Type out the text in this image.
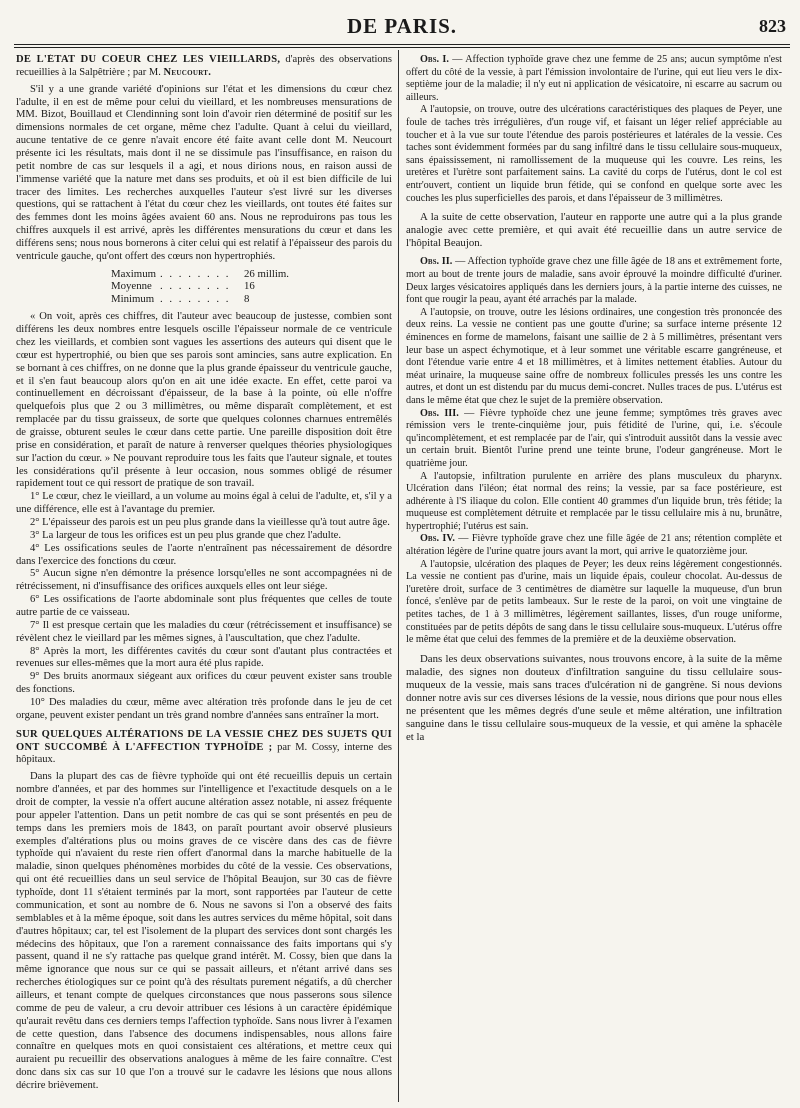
DE PARIS.	823

DE L'ÉTAT DU COEUR CHEZ LES VIEILLARDS, d'après des observations recueillies à la Salpêtrière ; par M. Neucourt.

S'il y a une grande variété d'opinions sur l'état et les dimensions du cœur chez l'adulte, il en est de même pour celui du vieillard, et les nombreuses mensurations de MM. Bizot, Bouillaud et Clendinning sont loin d'avoir rien déterminé de positif sur les dimensions normales de cet organe, même chez l'adulte. Quant à celui du vieillard, aucune tentative de ce genre n'avait encore été faite avant celle dont M. Neucourt présente ici les résultats, mais dont il ne se dissimule pas l'insuffisance, en raison du petit nombre de cas sur lesquels il a agi, et nous dirions nous, en raison aussi de l'immense variété que la nature met dans ses produits, et où il est bien difficile de lui tracer des limites. Les recherches auxquelles l'auteur s'est livré sur les diverses questions, qui se rattachent à l'état du cœur chez les vieillards, ont toutes été faites sur des femmes dont les moins âgées avaient 60 ans. Nous ne reproduirons pas tous les chiffres auxquels il est arrivé, après les différentes mensurations du cœur et dans les différens sens; nous nous bornerons à citer celui qui est relatif à l'épaisseur des parois du ventricule gauche, qu'ont offert des cœurs non hypertrophiés.

Maximum	. . . . . . . .	26 millim.
Moyenne	. . . . . . . .	16
Minimum	. . . . . . . .	8

« On voit, après ces chiffres, dit l'auteur avec beaucoup de justesse, combien sont différens les deux nombres entre lesquels oscille l'épaisseur normale de ce ventricule chez les vieillards, et combien sont vagues les assertions des auteurs qui disent que le cœur est hypertrophié, ou bien que ses parois sont amincies, sans autre explication. En se bornant à ces chiffres, on ne donne que la plus grande épaisseur du ventricule gauche, et il s'en faut beaucoup alors qu'on en ait une idée exacte. En effet, cette paroi va continuellement en décroissant d'épaisseur, de la base à la pointe, où elle n'offre quelquefois plus que 2 ou 3 millimètres, ou même disparaît complètement, et est remplacée par du tissu graisseux, de sorte que quelques colonnes charnues entremêlés de graisse, obturent seules le cœur dans cette partie. Une pareille disposition doit être prise en considération, et paraît de nature à renverser quelques théories physiologiques sur l'action du cœur. » Ne pouvant reproduire tous les faits que l'auteur signale, et toutes les considérations qu'il présente à leur occasion, nous sommes obligé de résumer rapidement tout ce qui ressort de pratique de son travail.

1° Le cœur, chez le vieillard, a un volume au moins égal à celui de l'adulte, et, s'il y a une différence, elle est à l'avantage du premier.

2° L'épaisseur des parois est un peu plus grande dans la vieillesse qu'à tout autre âge.

3° La largeur de tous les orifices est un peu plus grande que chez l'adulte.

4° Les ossifications seules de l'aorte n'entraînent pas nécessairement de désordre dans l'exercice des fonctions du cœur.

5° Aucun signe n'en démontre la présence lorsqu'elles ne sont accompagnées ni de rétrécissement, ni d'insuffisance des orifices auxquels elles ont leur siége.

6° Les ossifications de l'aorte abdominale sont plus fréquentes que celles de toute autre partie de ce vaisseau.

7° Il est presque certain que les maladies du cœur (rétrécissement et insuffisance) se révèlent chez le vieillard par les mêmes signes, à l'auscultation, que chez l'adulte.

8° Après la mort, les différentes cavités du cœur sont d'autant plus contractées et revenues sur elles-mêmes que la mort aura été plus rapide.

9° Des bruits anormaux siégeant aux orifices du cœur peuvent exister sans trouble des fonctions.

10° Des maladies du cœur, même avec altération très profonde dans le jeu de cet organe, peuvent exister pendant un très grand nombre d'années sans entraîner la mort.

SUR QUELQUES ALTÉRATIONS DE LA VESSIE CHEZ DES SUJETS QUI ONT SUCCOMBÉ À L'AFFECTION TYPHOÏDE ; par M. Cossy, interne des hôpitaux.

Dans la plupart des cas de fièvre typhoïde qui ont été recueillis depuis un certain nombre d'années, et par des hommes sur l'intelligence et l'exactitude desquels on a le droit de compter, la vessie n'a offert aucune altération assez notable, ni assez fréquente pour appeler l'attention. Dans un petit nombre de cas qui se sont présentés en peu de temps dans les premiers mois de 1843, on paraît pourtant avoir observé plusieurs exemples d'altérations plus ou moins graves de ce viscère dans des cas de fièvre typhoïde qui n'avaient du reste rien offert d'anormal dans la marche habituelle de la maladie, sinon quelques phénomènes morbides du côté de la vessie. Ces observations, qui ont été recueillies dans un seul service de l'hôpital Beaujon, sur 30 cas de fièvre typhoïde, dont 11 s'étaient terminés par la mort, sont rapportées par l'auteur de cette communication, et sont au nombre de 6. Nous ne savons si l'on a observé des faits semblables et à la même époque, soit dans les autres services du même hôpital, soit dans d'autres hôpitaux; car, tel est l'isolement de la plupart des services dont sont chargés les médecins des hôpitaux, que l'on a rarement connaissance des faits importans qui s'y passent, quand il ne s'y rattache pas quelque grand intérêt. M. Cossy, bien que dans la même ignorance que nous sur ce qui se passait ailleurs, et n'étant arrivé dans ses recherches étiologiques sur ce point qu'à des résultats purement négatifs, a dû chercher ailleurs, et tenant compte de quelques circonstances que nous passerons sous silence comme de peu de valeur, a cru devoir attribuer ces lésions à un caractère épidémique qu'aurait revêtu dans ces derniers temps l'affection typhoïde. Sans nous livrer à l'examen de cette question, dans l'absence des documens indispensables, nous allons faire connaître en quelques mots en quoi consistaient ces altérations, et mettre ceux qui auraient pu recueillir des observations analogues à même de les faire connaître. C'est donc dans six cas sur 10 que l'on a trouvé sur le cadavre les lésions que nous allons décrire brièvement.

Obs. I. — Affection typhoïde grave chez une femme de 25 ans; aucun symptôme n'est offert du côté de la vessie, à part l'émission involontaire de l'urine, qui eut lieu vers le dix-septième jour de la maladie; il n'y eut ni application de vésicatoire, ni escarre au sacrum ou ailleurs.

A l'autopsie, on trouve, outre des ulcérations caractéristiques des plaques de Peyer, une foule de taches très irrégulières, d'un rouge vif, et faisant un léger relief appréciable au toucher et à la vue sur toute l'étendue des parois postérieures et latérales de la vessie. Ces taches sont évidemment formées par du sang infiltré dans le tissu cellulaire sous-muqueux, sans épaississement, ni ramollissement de la muqueuse qui les couvre. Les reins, les uretères et l'urètre sont parfaitement sains. La cavité du corps de l'utérus, dont le col est entr'ouvert, contient un liquide brun fétide, qui se confond en quelque sorte avec les couches les plus superficielles des parois, et dans l'épaisseur de 3 millimètres.

A la suite de cette observation, l'auteur en rapporte une autre qui a la plus grande analogie avec cette première, et qui avait été recueillie dans un autre service de l'hôpital Beaujon.

Obs. II. — Affection typhoïde grave chez une fille âgée de 18 ans et extrêmement forte, mort au bout de trente jours de maladie, sans avoir éprouvé la moindre difficulté d'uriner. Deux larges vésicatoires appliqués dans les derniers jours, à la partie interne des cuisses, ne font que rougir la peau, ayant été arrachés par la malade.

A l'autopsie, on trouve, outre les lésions ordinaires, une congestion très prononcée des deux reins. La vessie ne contient pas une goutte d'urine; sa surface interne présente 12 éminences en forme de mamelons, faisant une saillie de 2 à 5 millimètres, présentant vers leur base un aspect échymotique, et à leur sommet une véritable escarre gangréneuse, et dont l'étendue varie entre 4 et 18 millimètres, et à limites nettement établies. Autour du méat urinaire, la muqueuse saine offre de nombreux follicules pressés les uns contre les autres, et dont un est distendu par du mucus demi-concret. Nulles traces de pus. L'utérus est dans le même état que chez le sujet de la première observation.

Obs. III. — Fièvre typhoïde chez une jeune femme; symptômes très graves avec rémission vers le trente-cinquième jour, puis fétidité de l'urine, qui, i.e. s'écoule qu'incomplètement, et est remplacée par de l'air, qui s'introduit aussitôt dans la vessie avec un certain bruit. Bientôt l'urine prend une teinte brune, l'odeur gangréneuse. Mort le quatrième jour.

A l'autopsie, infiltration purulente en arrière des plans musculeux du pharynx. Ulcération dans l'iléon; état normal des reins; la vessie, par sa face postérieure, est adhérente à l'S iliaque du colon. Elle contient 40 grammes d'un liquide brun, très fétide; la muqueuse est complètement détruite et remplacée par le tissu cellulaire mis à nu, brunâtre, hypertrophié; l'utérus est sain.

Obs. IV. — Fièvre typhoïde grave chez une fille âgée de 21 ans; rétention complète et altération légère de l'urine quatre jours avant la mort, qui arrive le quatorzième jour.

A l'autopsie, ulcération des plaques de Peyer; les deux reins légèrement congestionnés. La vessie ne contient pas d'urine, mais un liquide épais, couleur chocolat. Au-dessus de l'uretère droit, surface de 3 centimètres de diamètre sur laquelle la muqueuse, d'un brun foncé, s'enlève par de petits lambeaux. Sur le reste de la paroi, on voit une vingtaine de petites taches, de 1 à 3 millimètres, légèrement saillantes, lisses, d'un rouge uniforme, constituées par de petits dépôts de sang dans le tissu cellulaire sous-muqueux. L'utérus offre le même état que celui des femmes de la première et de la deuxième observation.

Dans les deux observations suivantes, nous trouvons encore, à la suite de la même maladie, des signes non douteux d'infiltration sanguine du tissu cellulaire sous-muqueux de la vessie, mais sans traces d'ulcération ni de gangrène. Si nous devions donner notre avis sur ces diverses lésions de la vessie, nous dirions que pour nous elles ne présentent que les mêmes degrés d'une seule et même altération, une infiltration sanguine dans le tissu cellulaire sous-muqueux de la vessie, et qui amène la sphacèle et la
